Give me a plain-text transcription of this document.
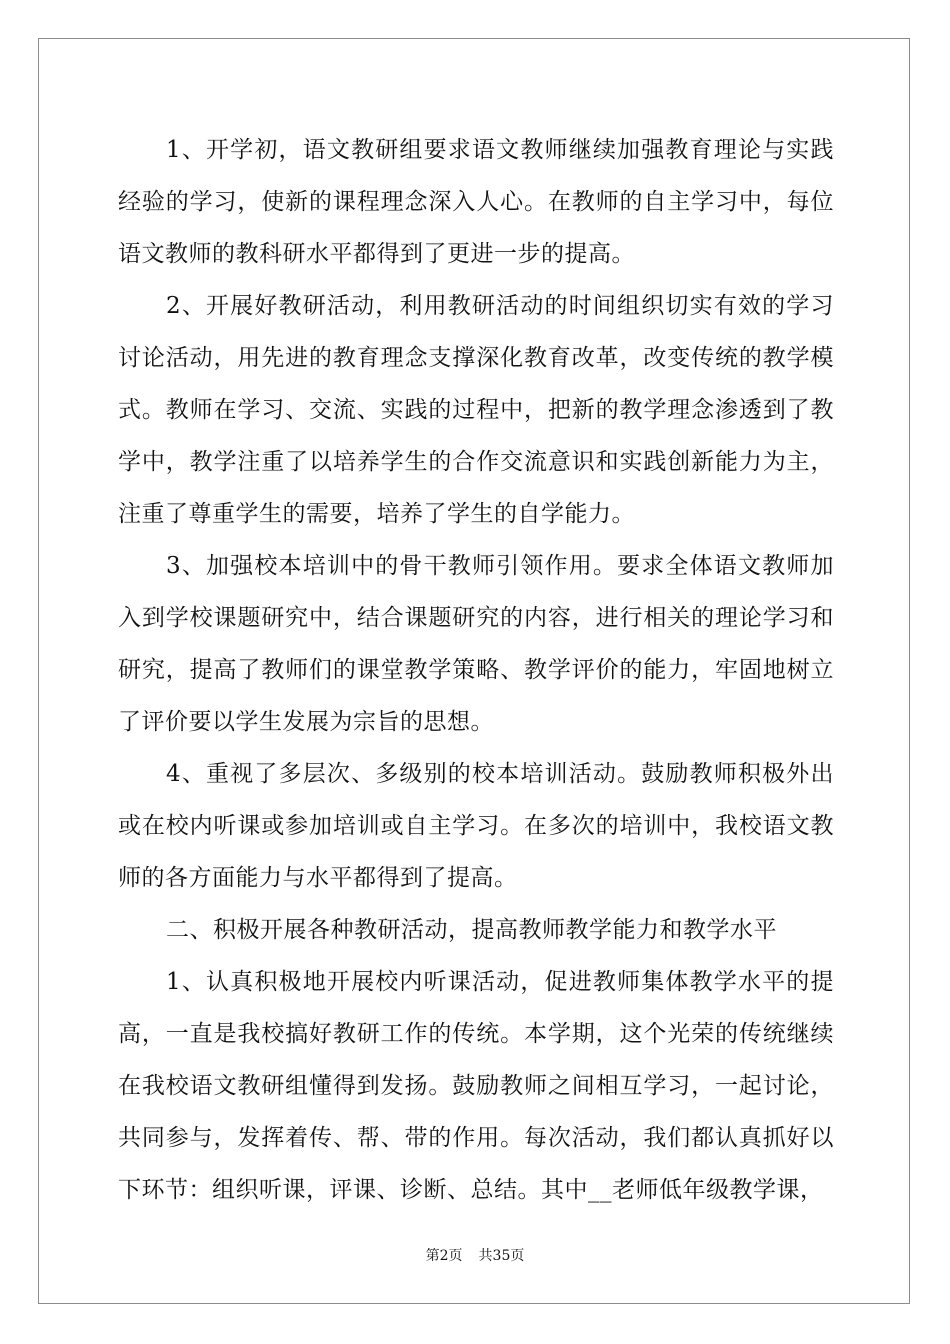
1、开学初，语文教研组要求语文教师继续加强教育理论与实践经验的学习，使新的课程理念深入人心。在教师的自主学习中，每位语文教师的教科研水平都得到了更进一步的提高。

2、开展好教研活动，利用教研活动的时间组织切实有效的学习讨论活动，用先进的教育理念支撑深化教育改革，改变传统的教学模式。教师在学习、交流、实践的过程中，把新的教学理念渗透到了教学中，教学注重了以培养学生的合作交流意识和实践创新能力为主，注重了尊重学生的需要，培养了学生的自学能力。

3、加强校本培训中的骨干教师引领作用。要求全体语文教师加入到学校课题研究中，结合课题研究的内容，进行相关的理论学习和研究，提高了教师们的课堂教学策略、教学评价的能力，牢固地树立了评价要以学生发展为宗旨的思想。

4、重视了多层次、多级别的校本培训活动。鼓励教师积极外出或在校内听课或参加培训或自主学习。在多次的培训中，我校语文教师的各方面能力与水平都得到了提高。

二、积极开展各种教研活动，提高教师教学能力和教学水平

1、认真积极地开展校内听课活动，促进教师集体教学水平的提高，一直是我校搞好教研工作的传统。本学期，这个光荣的传统继续在我校语文教研组懂得到发扬。鼓励教师之间相互学习，一起讨论，共同参与，发挥着传、帮、带的作用。每次活动，我们都认真抓好以下环节：组织听课，评课、诊断、总结。其中__老师低年级教学课，

第2页 共35页
